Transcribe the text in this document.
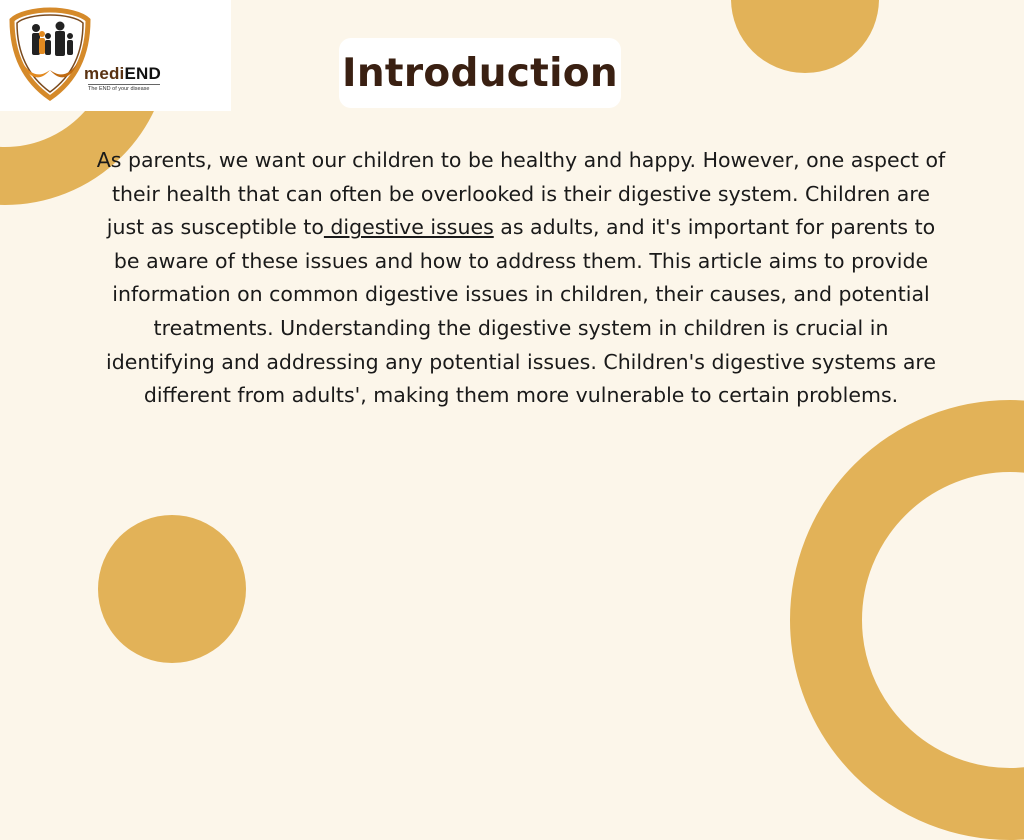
mediEND
The END of your disease	Introduction

As parents, we want our children to be healthy and happy. However, one aspect of their health that can often be overlooked is their digestive system. Children are just as susceptible to digestive issues as adults, and it's important for parents to be aware of these issues and how to address them. This article aims to provide information on common digestive issues in children, their causes, and potential treatments. Understanding the digestive system in children is crucial in identifying and addressing any potential issues. Children's digestive systems are different from adults', making them more vulnerable to certain problems.
